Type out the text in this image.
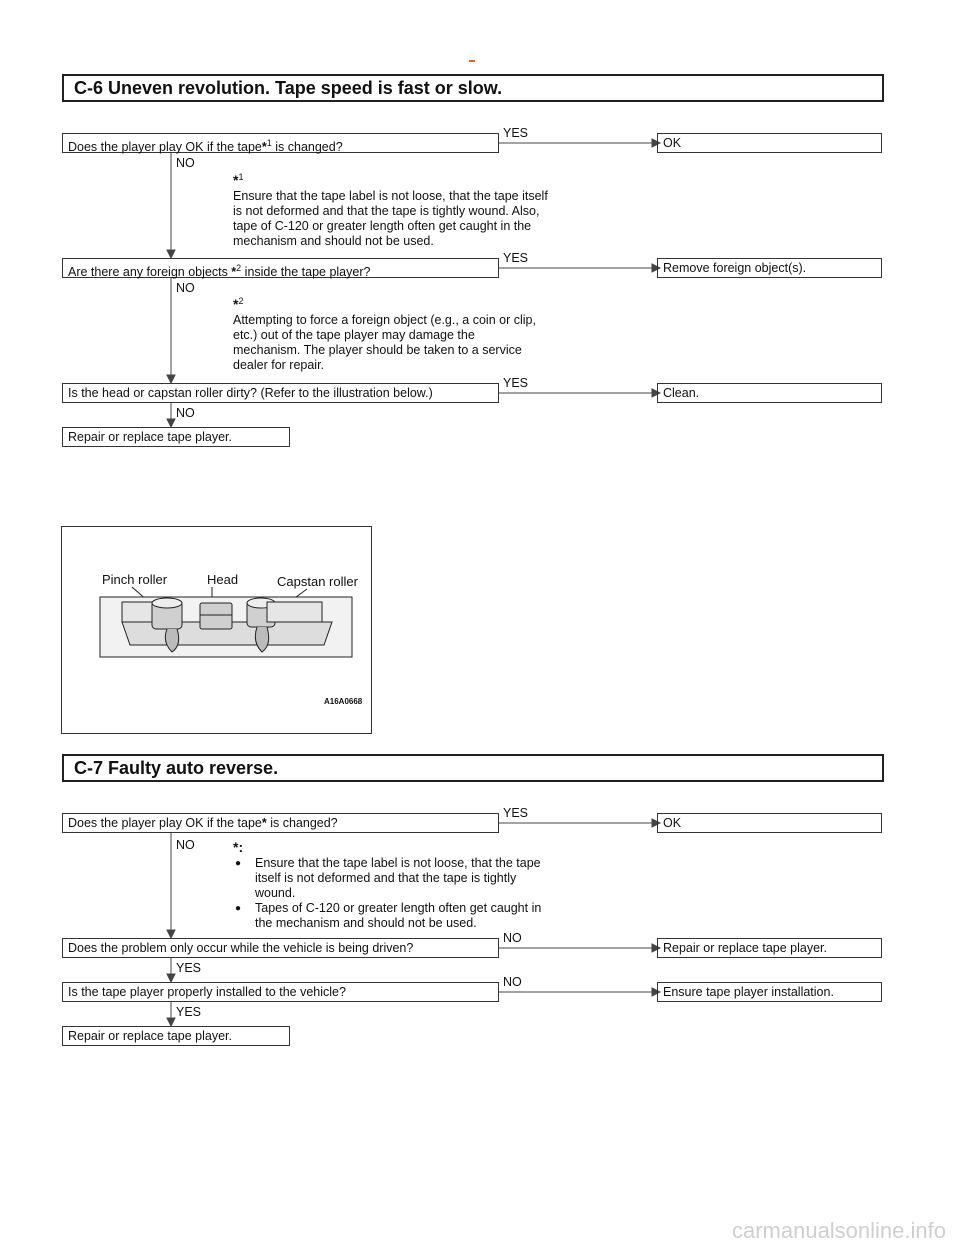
C-6 Uneven revolution. Tape speed is fast or slow.
Does the player play OK if the tape*$^1$ is changed?
YES
OK
NO
*$^1$
Ensure that the tape label is not loose, that the tape itself is not deformed and that the tape is tightly wound. Also, tape of C-120 or greater length often get caught in the mechanism and should not be used.
Are there any foreign objects *$^2$ inside the tape player?
YES
Remove foreign object(s).
NO
*$^2$
Attempting to force a foreign object (e.g., a coin or clip, etc.) out of the tape player may damage the mechanism. The player should be taken to a service dealer for repair.
Is the head or capstan roller dirty? (Refer to the illustration below.)
YES
Clean.
NO
Repair or replace tape player.
Pinch roller	Head	Capstan roller
A16A0668
C-7 Faulty auto reverse.
Does the player play OK if the tape* is changed?
YES
OK
NO	*:
● Ensure that the tape label is not loose, that the tape itself is not deformed and that the tape is tightly wound.
● Tapes of C-120 or greater length often get caught in the mechanism and should not be used.
Does the problem only occur while the vehicle is being driven?
NO
Repair or replace tape player.
YES
Is the tape player properly installed to the vehicle?
NO
Ensure tape player installation.
YES
Repair or replace tape player.
carmanualsonline.info
